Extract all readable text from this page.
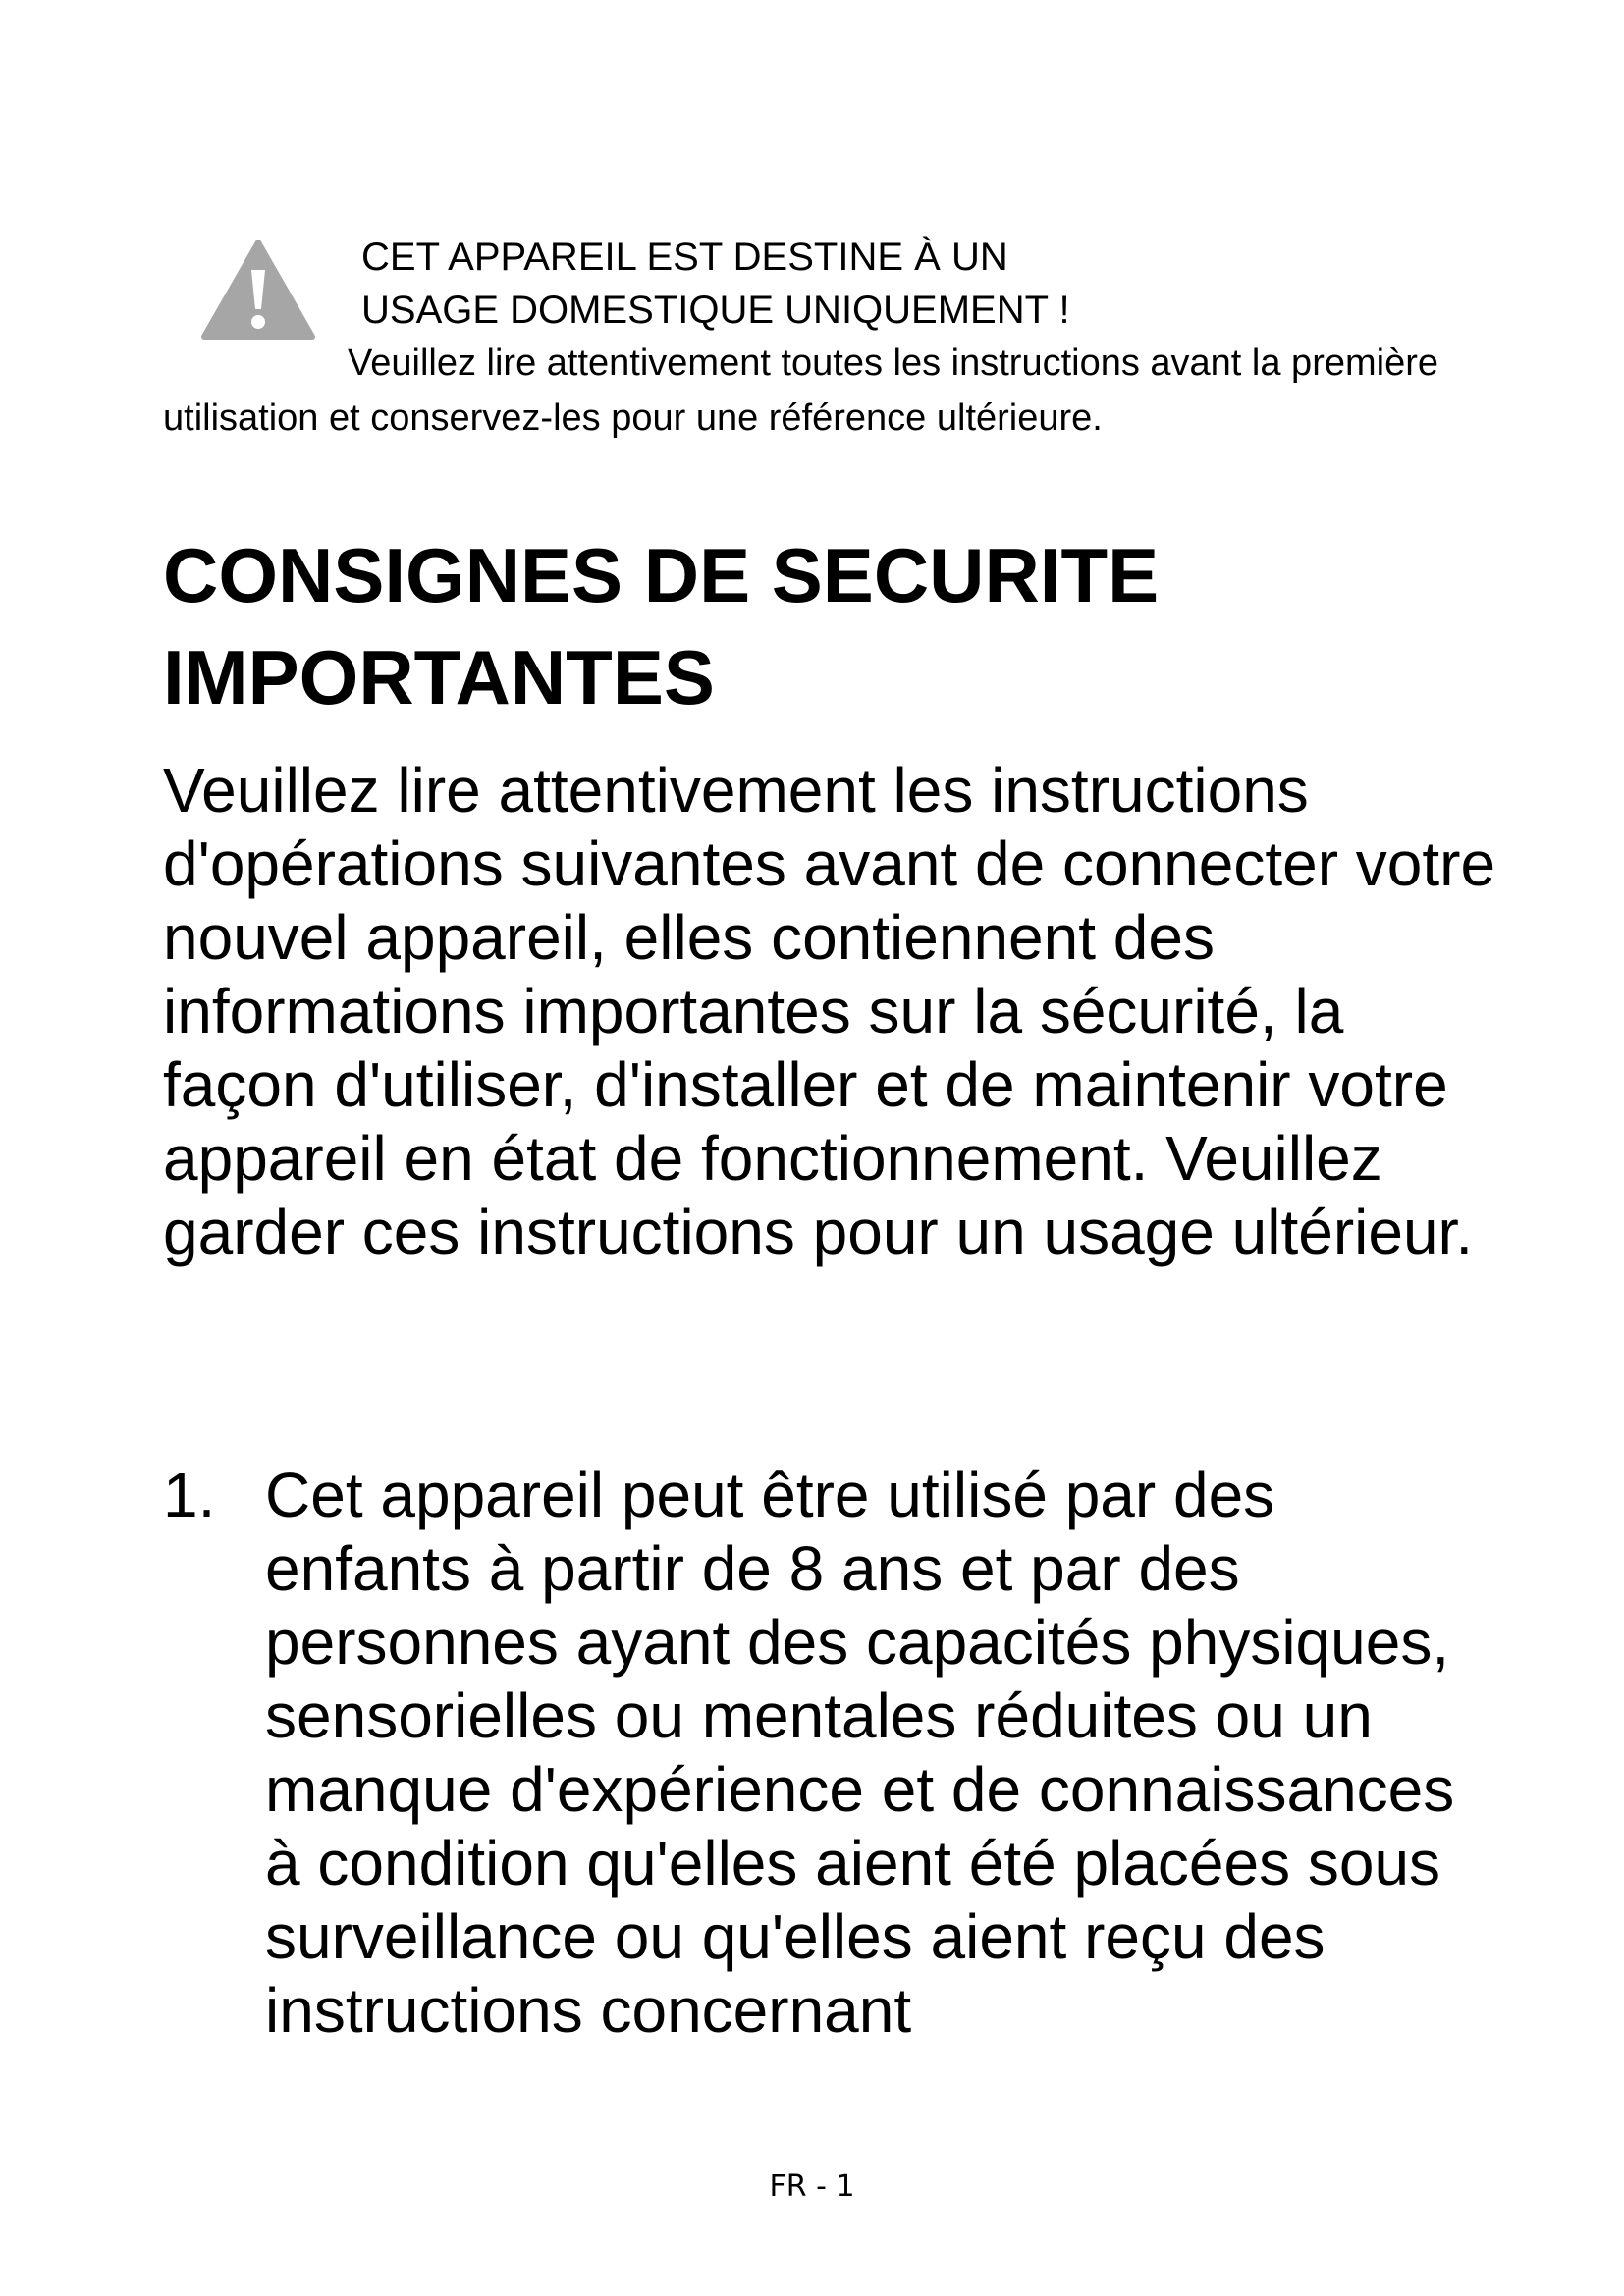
CET APPAREIL EST DESTINE À UN
USAGE DOMESTIQUE UNIQUEMENT !

Veuillez lire attentivement toutes les instructions avant la première utilisation et conservez-les pour une référence ultérieure.

CONSIGNES DE SECURITE IMPORTANTES

Veuillez lire attentivement les instructions d'opérations suivantes avant de connecter votre nouvel appareil, elles contiennent des informations importantes sur la sécurité, la façon d'utiliser, d'installer et de maintenir votre appareil en état de fonctionnement. Veuillez garder ces instructions pour un usage ultérieur.

1. Cet appareil peut être utilisé par des enfants à partir de 8 ans et par des personnes ayant des capacités physiques, sensorielles ou mentales réduites ou un manque d'expérience et de connaissances à condition qu'elles aient été placées sous surveillance ou qu'elles aient reçu des instructions concernant
FR - 1
